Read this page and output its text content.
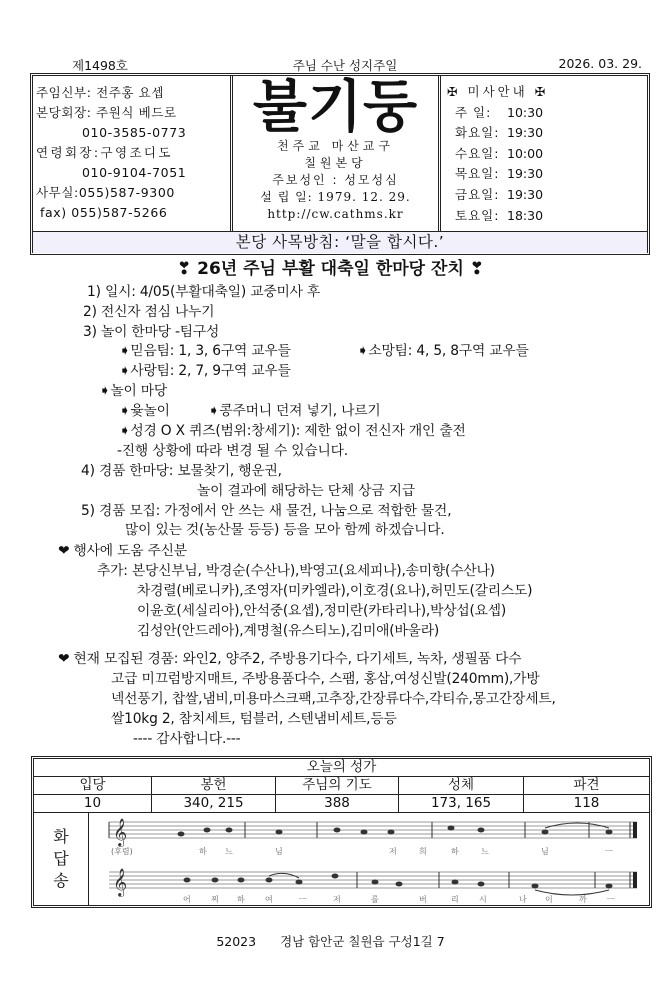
제1498호	주님 수난 성지주일	2026. 03. 29.
주임신부: 전주홍 요셉
본당회장: 주원식 베드로
010-3585-0773
연령회장:구영조디도
010-9104-7051
사무실:055)587-9300
fax) 055)587-5266
불기둥
천주교 마산교구
칠원본당
주보성인 : 성모성심
설 립 일: 1979. 12. 29.
http://cw.cathms.kr
✠ 미사안내 ✠
주 일:	10:30
화요일: 19:30
수요일: 10:00
목요일: 19:30
금요일: 19:30
토요일: 18:30
본당 사목방침: ‘말을 합시다.’
❣ 26년 주님 부활 대축일 한마당 잔치 ❣
1) 일시: 4/05(부활대축일) 교중미사 후
2) 전신자 점심 나누기
3) 놀이 한마당 -팀구성
➧믿음팀: 1, 3, 6구역 교우들	➧소망팀: 4, 5, 8구역 교우들
➧사랑팀: 2, 7, 9구역 교우들
➧놀이 마당
➧윷놀이	➧콩주머니 던져 넣기, 나르기
➧성경 O X 퀴즈(범위:창세기): 제한 없이 전신자 개인 출전
-진행 상황에 따라 변경 될 수 있습니다.
4) 경품 한마당: 보물찾기, 행운권,
놀이 결과에 해당하는 단체 상금 지급
5) 경품 모집: 가정에서 안 쓰는 새 물건, 나눔으로 적합한 물건,
많이 있는 것(농산물 등등) 등을 모아 함께 하겠습니다.
❤ 행사에 도움 주신분
추가: 본당신부님, 박경순(수산나),박영고(요세피나),송미향(수산나)
차경렬(베로니카),조영자(미카엘라),이호경(요나),허민도(갈리스도)
이윤호(세실리아),안석중(요셉),정미란(카타리나),박상섭(요셉)
김성안(안드레아),계명철(유스티노),김미애(바울라)
❤ 현재 모집된 경품: 와인2, 양주2, 주방용기다수, 다기세트, 녹차, 생필품 다수
고급 미끄럼방지매트, 주방용품다수, 스팸, 홍삼,여성신발(240mm),가방
넥선풍기, 찹쌀,냄비,미용마스크팩,고추장,간장류다수,각티슈,몽고간장세트,
쌀10kg 2, 참치세트, 텀블러, 스텐냄비세트,등등
---- 감사합니다.---
오늘의 성가
입당	봉헌	주님의 기도	성체	파견
10	340, 215	388	173, 165	118
화
답
송
𝄞
𝄞
(후렴)	하 느	님	저	희	하	느	님	ㅡ
어	찌 하	여	ㅡ	저	를	버	리	시	나 이	까	ㅡ
52023 경남 함안군 칠원읍 구성1길 7
